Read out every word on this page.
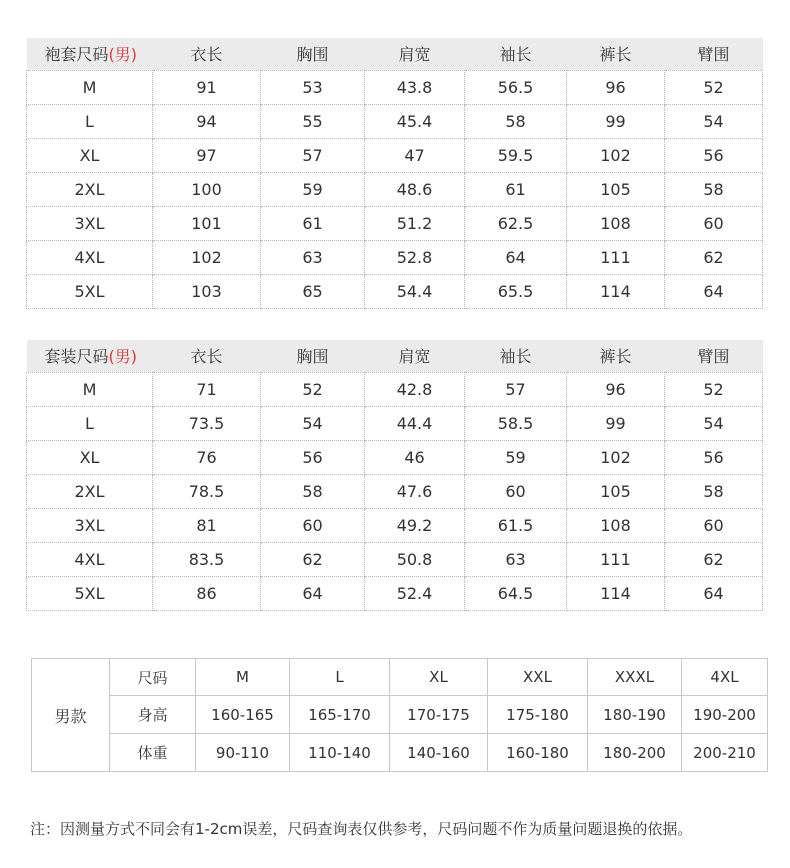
袍套尺码(男)	衣长	胸围	肩宽	袖长	裤长	臂围
M	91	53	43.8	56.5	96	52
L	94	55	45.4	58	99	54
XL	97	57	47	59.5	102	56
2XL	100	59	48.6	61	105	58
3XL	101	61	51.2	62.5	108	60
4XL	102	63	52.8	64	111	62
5XL	103	65	54.4	65.5	114	64
套装尺码(男)	衣长	胸围	肩宽	袖长	裤长	臂围
M	71	52	42.8	57	96	52
L	73.5	54	44.4	58.5	99	54
XL	76	56	46	59	102	56
2XL	78.5	58	47.6	60	105	58
3XL	81	60	49.2	61.5	108	60
4XL	83.5	62	50.8	63	111	62
5XL	86	64	52.4	64.5	114	64
男款	尺码	M	L	XL	XXL	XXXL	4XL
	身高	160-165	165-170	170-175	175-180	180-190	190-200
	体重	90-110	110-140	140-160	160-180	180-200	200-210
注：因测量方式不同会有1-2cm误差，尺码查询表仅供参考，尺码问题不作为质量问题退换的依据。
